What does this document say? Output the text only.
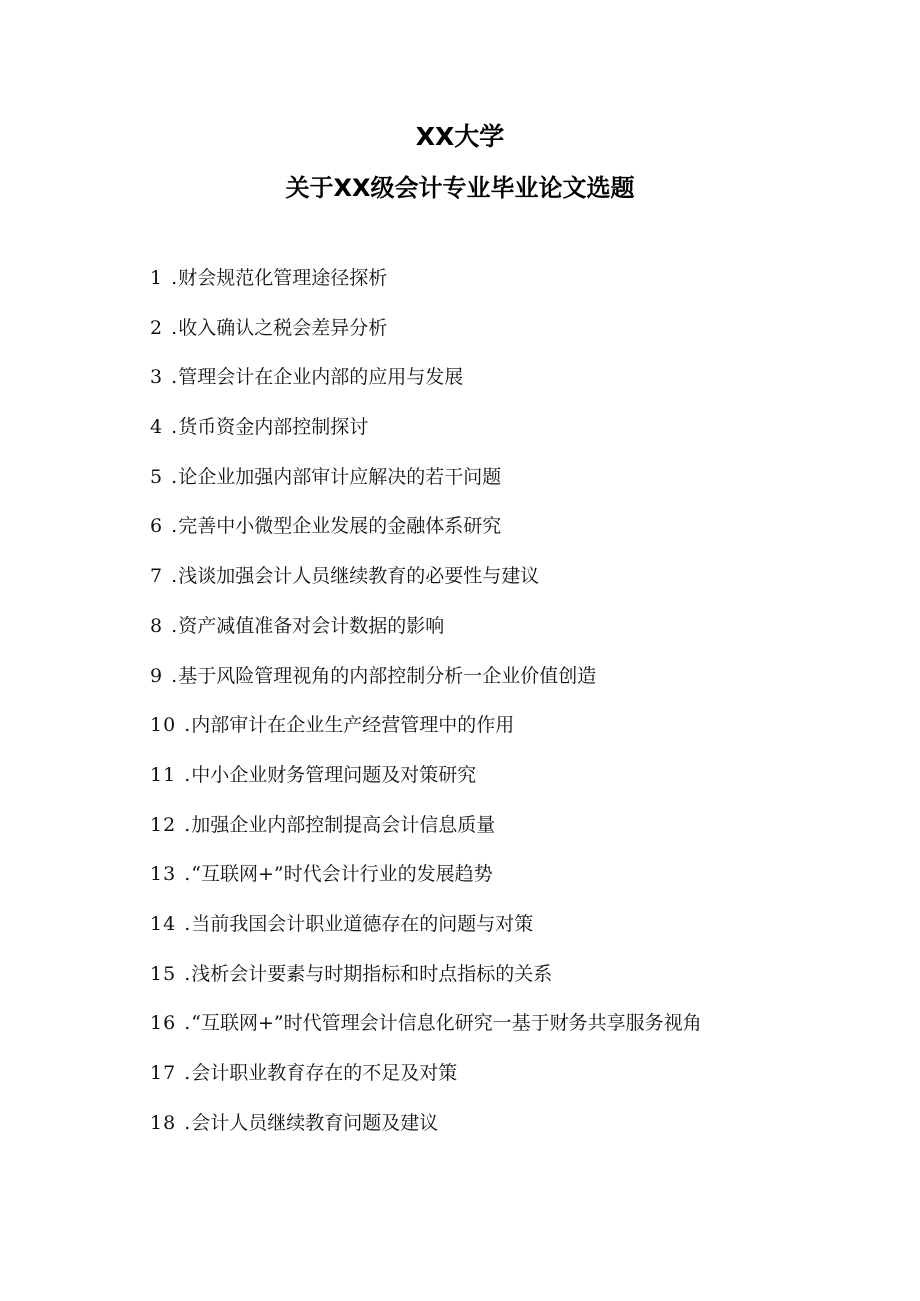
XX大学
关于XX级会计专业毕业论文选题
1 .财会规范化管理途径探析
2 .收入确认之税会差异分析
3 .管理会计在企业内部的应用与发展
4 .货币资金内部控制探讨
5 .论企业加强内部审计应解决的若干问题
6 .完善中小微型企业发展的金融体系研究
7 .浅谈加强会计人员继续教育的必要性与建议
8 .资产减值准备对会计数据的影响
9 .基于风险管理视角的内部控制分析一企业价值创造
10 .内部审计在企业生产经营管理中的作用
11 .中小企业财务管理问题及对策研究
12 .加强企业内部控制提高会计信息质量
13 .“互联网+”时代会计行业的发展趋势
14 .当前我国会计职业道德存在的问题与对策
15 .浅析会计要素与时期指标和时点指标的关系
16 .“互联网+”时代管理会计信息化研究一基于财务共享服务视角
17 .会计职业教育存在的不足及对策
18 .会计人员继续教育问题及建议
